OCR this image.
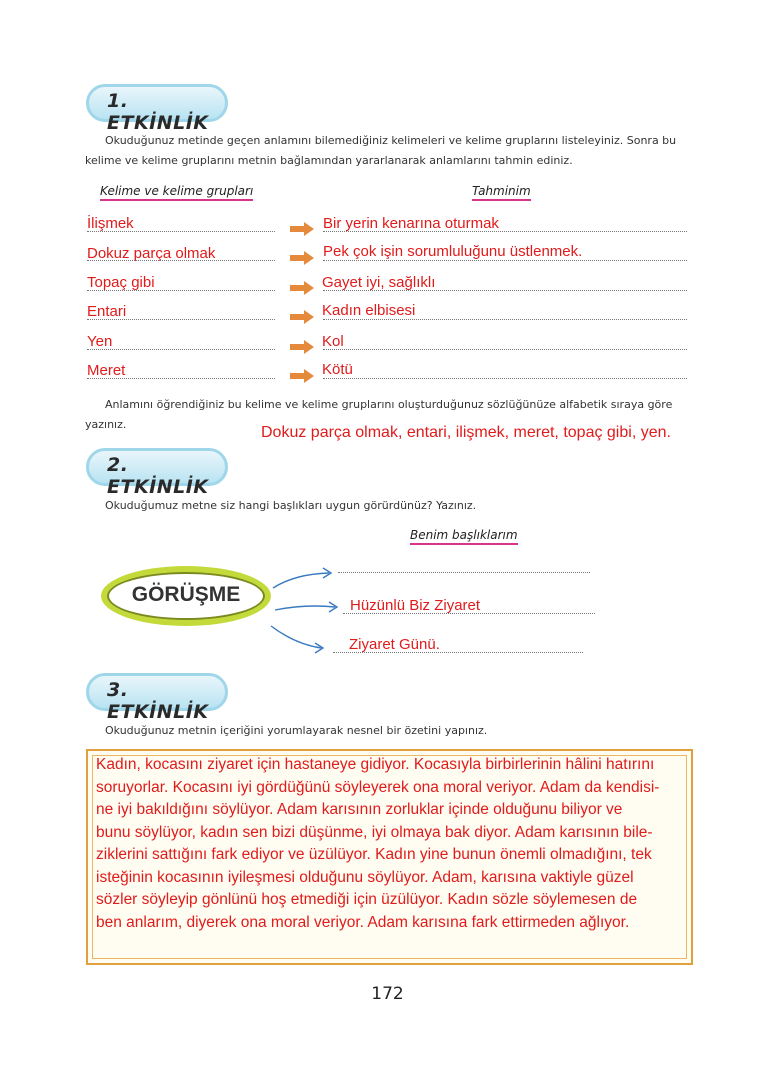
1. ETKİNLİK
Okuduğunuz metinde geçen anlamını bilemediğiniz kelimeleri ve kelime gruplarını listeleyiniz. Sonra bu kelime ve kelime gruplarını metnin bağlamından yararlanarak anlamlarını tahmin ediniz.
Kelime ve kelime grupları	Tahminim
İlişmek	Bir yerin kenarına oturmak
Dokuz parça olmak	Pek çok işin sorumluluğunu üstlenmek.
Topaç gibi	Gayet iyi, sağlıklı
Entari	Kadın elbisesi
Yen	Kol
Meret	Kötü
Anlamını öğrendiğiniz bu kelime ve kelime gruplarını oluşturduğunuz sözlüğünüze alfabetik sıraya göre yazınız.	Dokuz parça olmak, entari, ilişmek, meret, topaç gibi, yen.
2. ETKİNLİK
Okuduğumuz metne siz hangi başlıkları uygun görürdünüz? Yazınız.
Benim başlıklarım
GÖRÜŞME	Hüzünlü Biz Ziyaret
Ziyaret Günü.
3. ETKİNLİK
Okuduğunuz metnin içeriğini yorumlayarak nesnel bir özetini yapınız.
Kadın, kocasını ziyaret için hastaneye gidiyor. Kocasıyla birbirlerinin hâlini hatırını
soruyorlar. Kocasını iyi gördüğünü söyleyerek ona moral veriyor. Adam da kendisi-
ne iyi bakıldığını söylüyor. Adam karısının zorluklar içinde olduğunu biliyor ve
bunu söylüyor, kadın sen bizi düşünme, iyi olmaya bak diyor. Adam karısının bile-
ziklerini sattığını fark ediyor ve üzülüyor. Kadın yine bunun önemli olmadığını, tek
isteğinin kocasının iyileşmesi olduğunu söylüyor. Adam, karısına vaktiyle güzel
sözler söyleyip gönlünü hoş etmediği için üzülüyor. Kadın sözle söylemesen de
ben anlarım, diyerek ona moral veriyor. Adam karısına fark ettirmeden ağlıyor.
172
